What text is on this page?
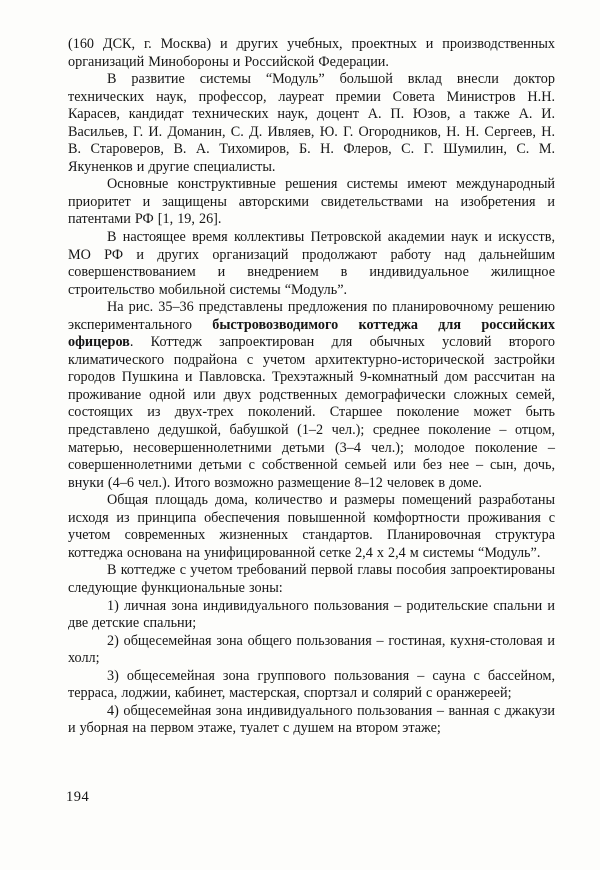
(160 ДСК, г. Москва) и других учебных, проектных и производственных организаций Минобороны и Российской Федерации.

В развитие системы “Модуль” большой вклад внесли доктор технических наук, профессор, лауреат премии Совета Министров Н.Н. Карасев, кандидат технических наук, доцент А. П. Юзов, а также А. И. Васильев, Г. И. Доманин, С. Д. Ивляев, Ю. Г. Огородников, Н. Н. Сергеев, Н. В. Староверов, В. А. Тихомиров, Б. Н. Флеров, С. Г. Шумилин, С. М. Якуненков и другие специалисты.

Основные конструктивные решения системы имеют международный приоритет и защищены авторскими свидетельствами на изобретения и патентами РФ [1, 19, 26].

В настоящее время коллективы Петровской академии наук и искусств, МО РФ и других организаций продолжают работу над дальнейшим совершенствованием и внедрением в индивидуальное жилищное строительство мобильной системы “Модуль”.

На рис. 35–36 представлены предложения по планировочному решению экспериментального быстровозводимого коттеджа для российских офицеров. Коттедж запроектирован для обычных условий второго климатического подрайона с учетом архитектурно-исторической застройки городов Пушкина и Павловска. Трехэтажный 9-комнатный дом рассчитан на проживание одной или двух родственных демографически сложных семей, состоящих из двух-трех поколений. Старшее поколение может быть представлено дедушкой, бабушкой (1–2 чел.); среднее поколение – отцом, матерью, несовершеннолетними детьми (3–4 чел.); молодое поколение – совершеннолетними детьми с собственной семьей или без нее – сын, дочь, внуки (4–6 чел.). Итого возможно размещение 8–12 человек в доме.

Общая площадь дома, количество и размеры помещений разработаны исходя из принципа обеспечения повышенной комфортности проживания с учетом современных жизненных стандартов. Планировочная структура коттеджа основана на унифицированной сетке 2,4 х 2,4 м системы “Модуль”.

В коттедже с учетом требований первой главы пособия запроектированы следующие функциональные зоны:

1) личная зона индивидуального пользования – родительские спальни и две детские спальни;

2) общесемейная зона общего пользования – гостиная, кухня-столовая и холл;

3) общесемейная зона группового пользования – сауна с бассейном, терраса, лоджии, кабинет, мастерская, спортзал и солярий с оранжереей;

4) общесемейная зона индивидуального пользования – ванная с джакузи и уборная на первом этаже, туалет с душем на втором этаже;

194
